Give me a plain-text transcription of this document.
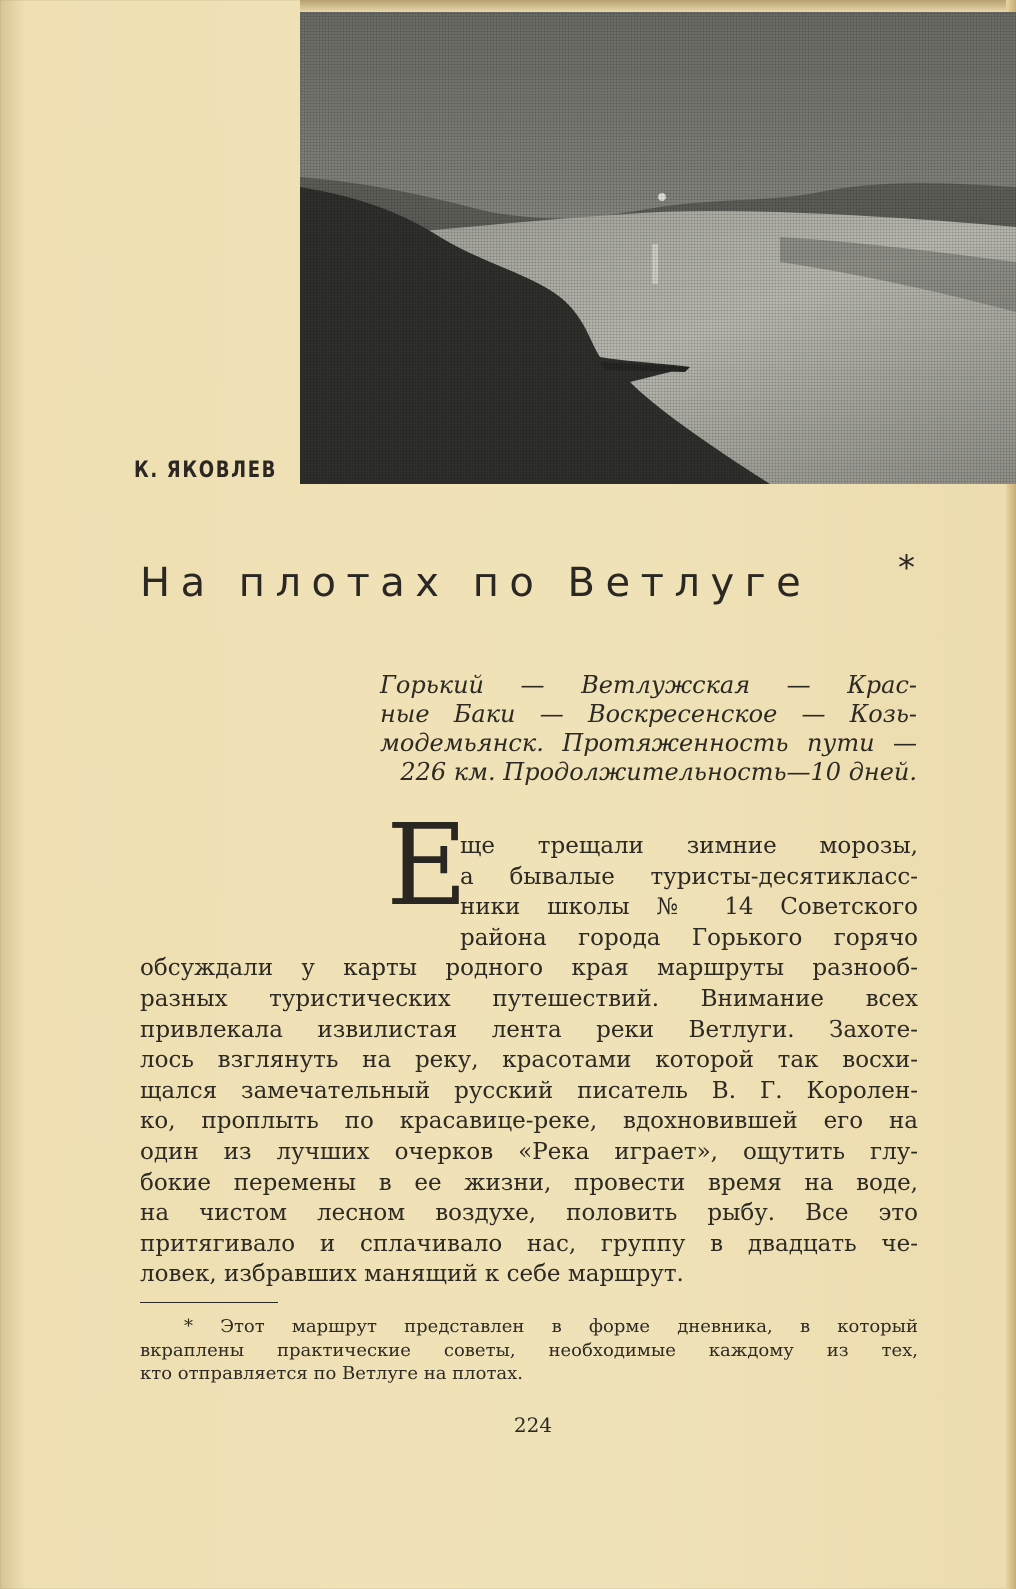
К. ЯКОВЛЕВ
На плотах по Ветлуге	*
Горький — Ветлужская — Крас-
ные Баки — Воскресенское — Козь-
модемьянск. Протяженность пути —
226 км. Продолжительность—10 дней.
Е
ще трещали зимние морозы,
а бывалые туристы-десятикласс-
ники школы № 14 Советского
района города Горького горячо
обсуждали у карты родного края маршруты разнооб-
разных туристических путешествий. Внимание всех
привлекала извилистая лента реки Ветлуги. Захоте-
лось взглянуть на реку, красотами которой так восхи-
щался замечательный русский писатель В. Г. Королен-
ко, проплыть по красавице-реке, вдохновившей его на
один из лучших очерков «Река играет», ощутить глу-
бокие перемены в ее жизни, провести время на воде,
на чистом лесном воздухе, половить рыбу. Все это
притягивало и сплачивало нас, группу в двадцать че-
ловек, избравших манящий к себе маршрут.
* Этот маршрут представлен в форме дневника, в который
вкраплены практические советы, необходимые каждому из тех,
кто отправляется по Ветлуге на плотах.
224
